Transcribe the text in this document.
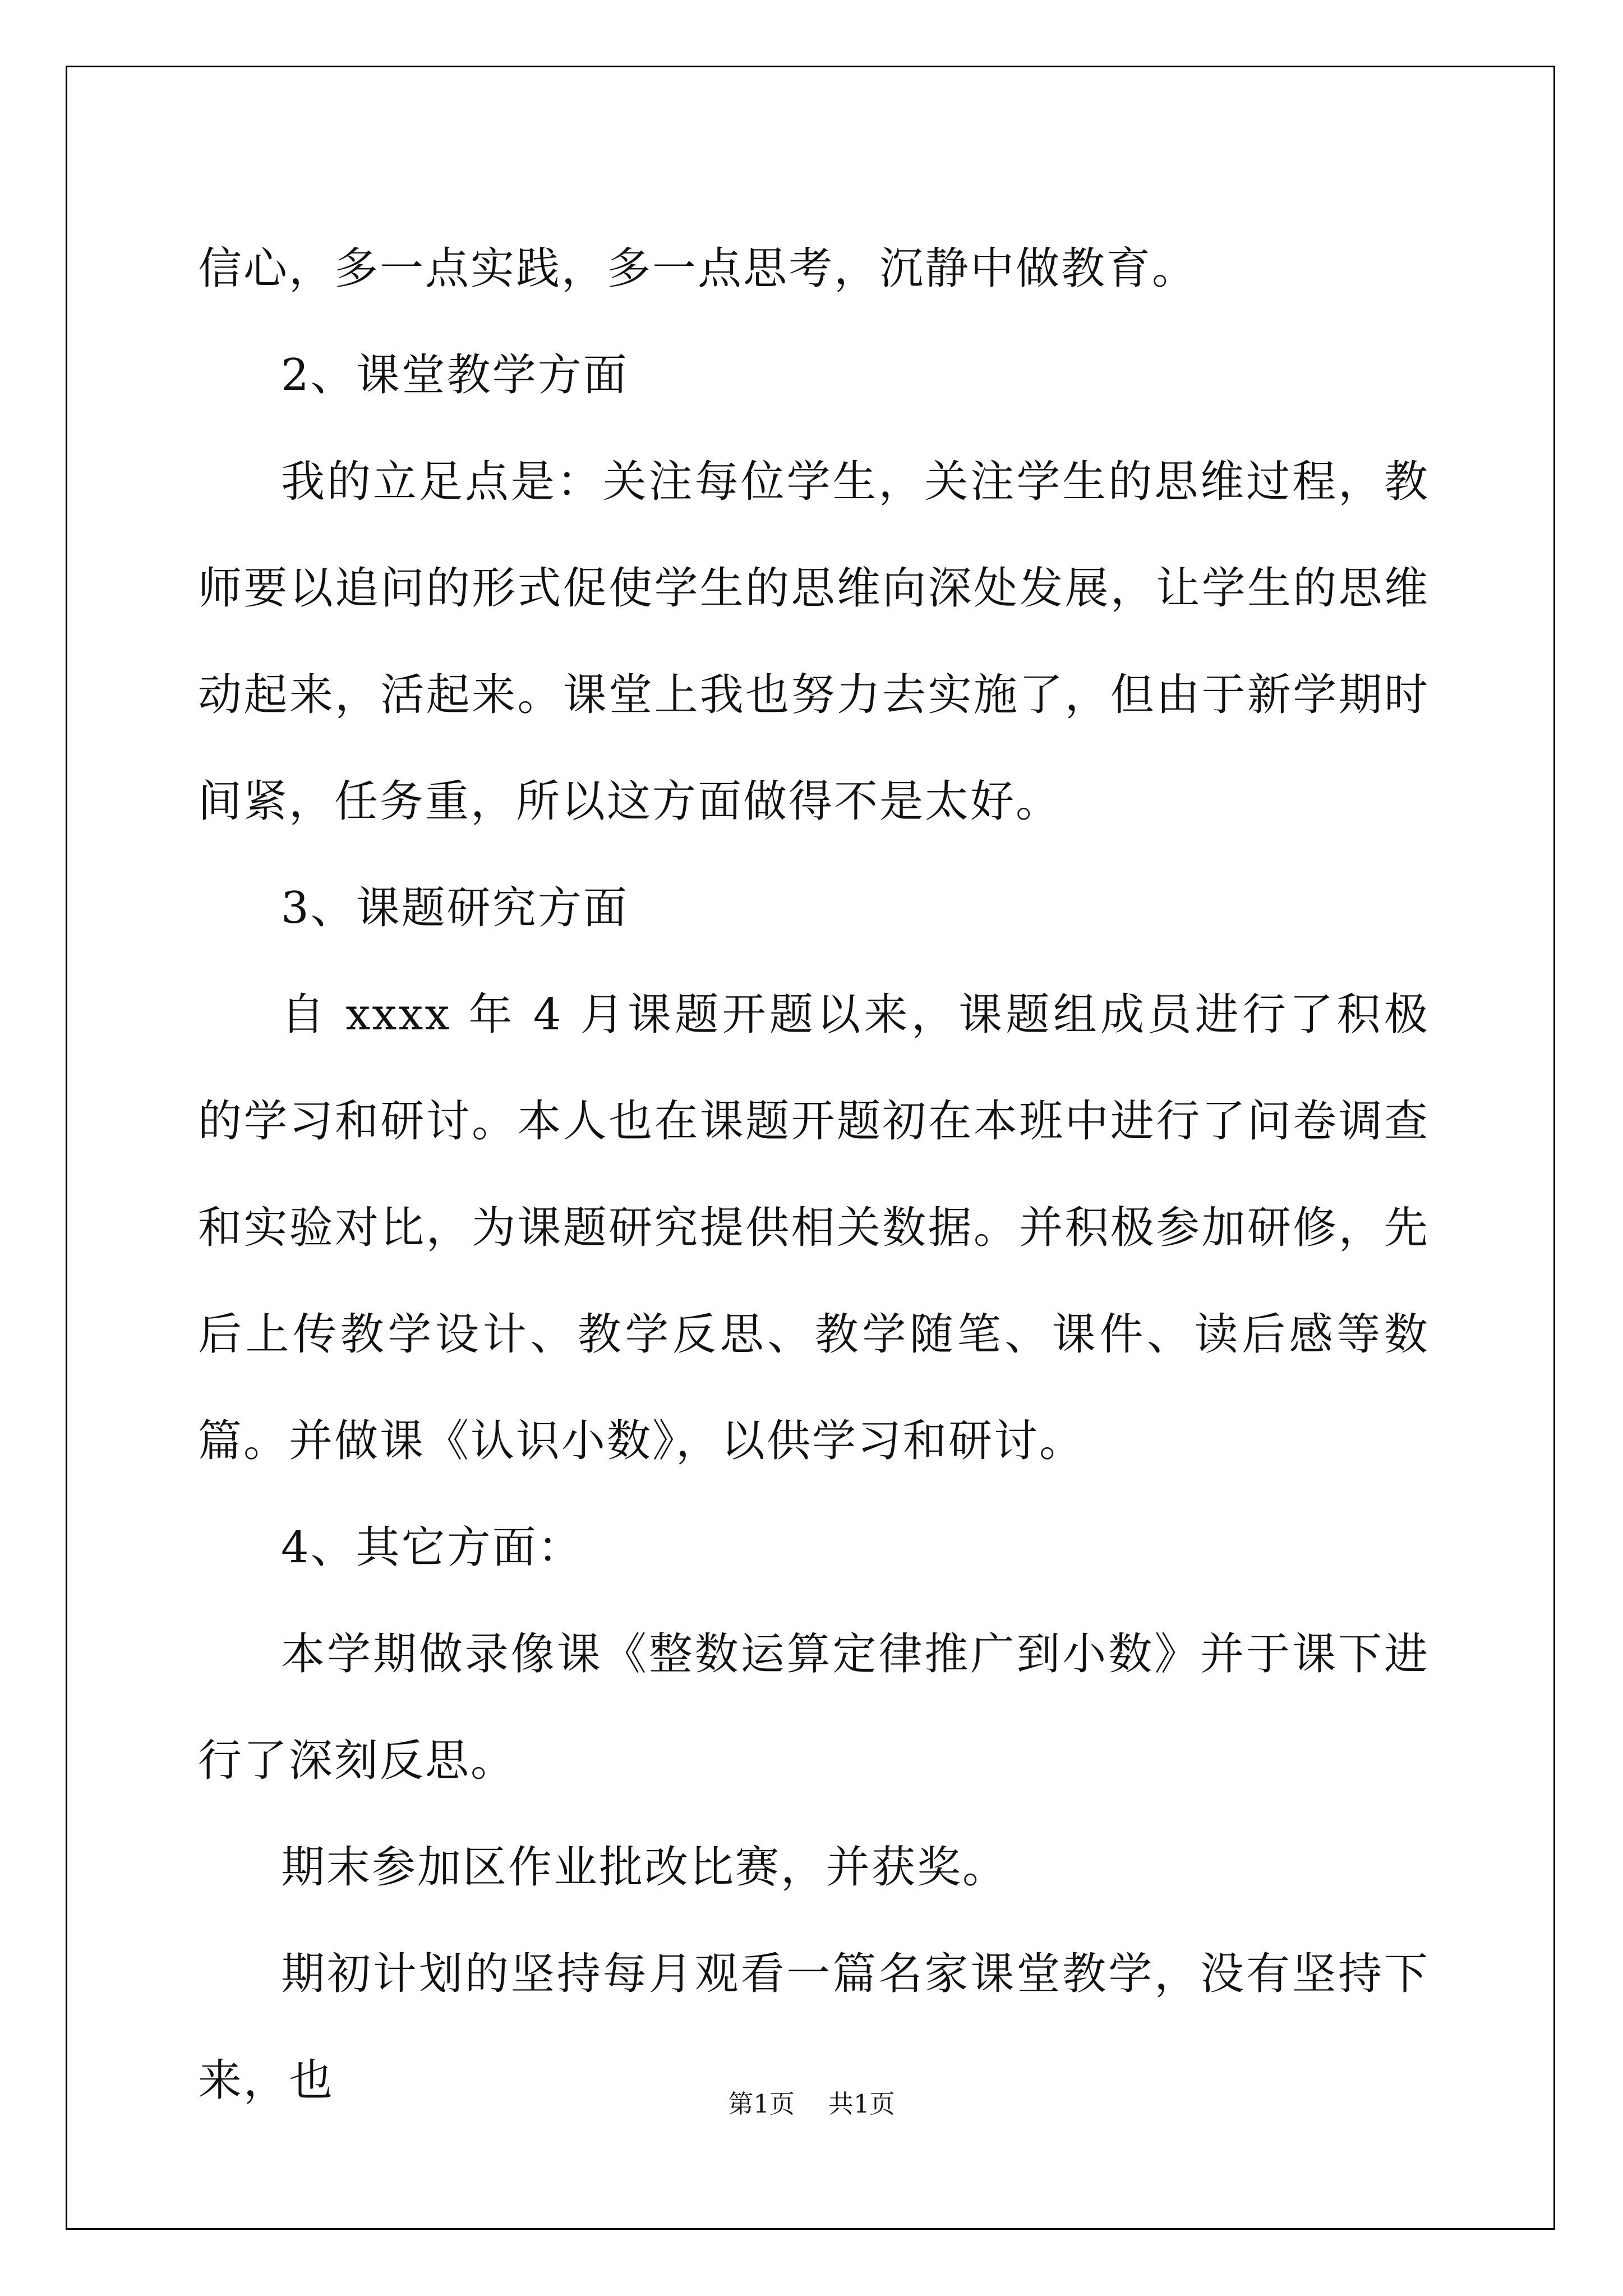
信心，多一点实践，多一点思考，沉静中做教育。

2、课堂教学方面

我的立足点是：关注每位学生，关注学生的思维过程，教师要以追问的形式促使学生的思维向深处发展，让学生的思维动起来，活起来。课堂上我也努力去实施了，但由于新学期时间紧，任务重，所以这方面做得不是太好。

3、课题研究方面

自 xxxx 年 4 月课题开题以来，课题组成员进行了积极的学习和研讨。本人也在课题开题初在本班中进行了问卷调查和实验对比，为课题研究提供相关数据。并积极参加研修，先后上传教学设计、教学反思、教学随笔、课件、读后感等数篇。并做课《认识小数》，以供学习和研讨。

4、其它方面：

本学期做录像课《整数运算定律推广到小数》并于课下进行了深刻反思。

期末参加区作业批改比赛，并获奖。

期初计划的坚持每月观看一篇名家课堂教学，没有坚持下来，也	第1页 共1页
